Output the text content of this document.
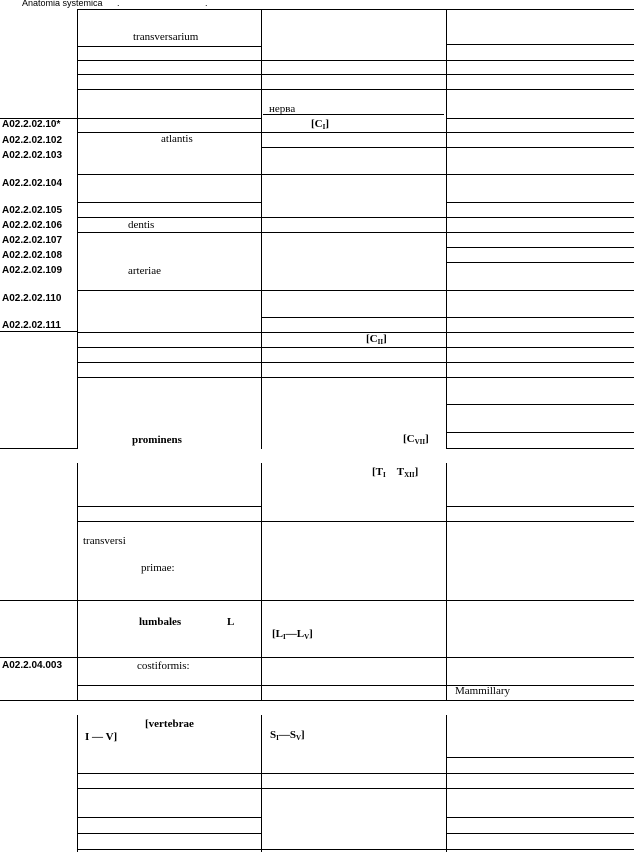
Anatomia systemica .	.
A02.2.02.10*
A02.2.02.102
A02.2.02.103
A02.2.02.104
A02.2.02.105
A02.2.02.106
A02.2.02.107
A02.2.02.108
A02.2.02.109
A02.2.02.110
A02.2.02.111
A02.2.04.003
transversarium
atlantis
dentis
arteriae
prominens
transversi
primae:
lumbales	L
costiformis:
[vertebrae
I — V]
нерва
$[C_I]$
$[C_{II}]$
$[C_{VII}]$
[$T_I$ $T_{XII}$]
$[L_I—L_V]$
$S_I—S_V$]
Mammillary
